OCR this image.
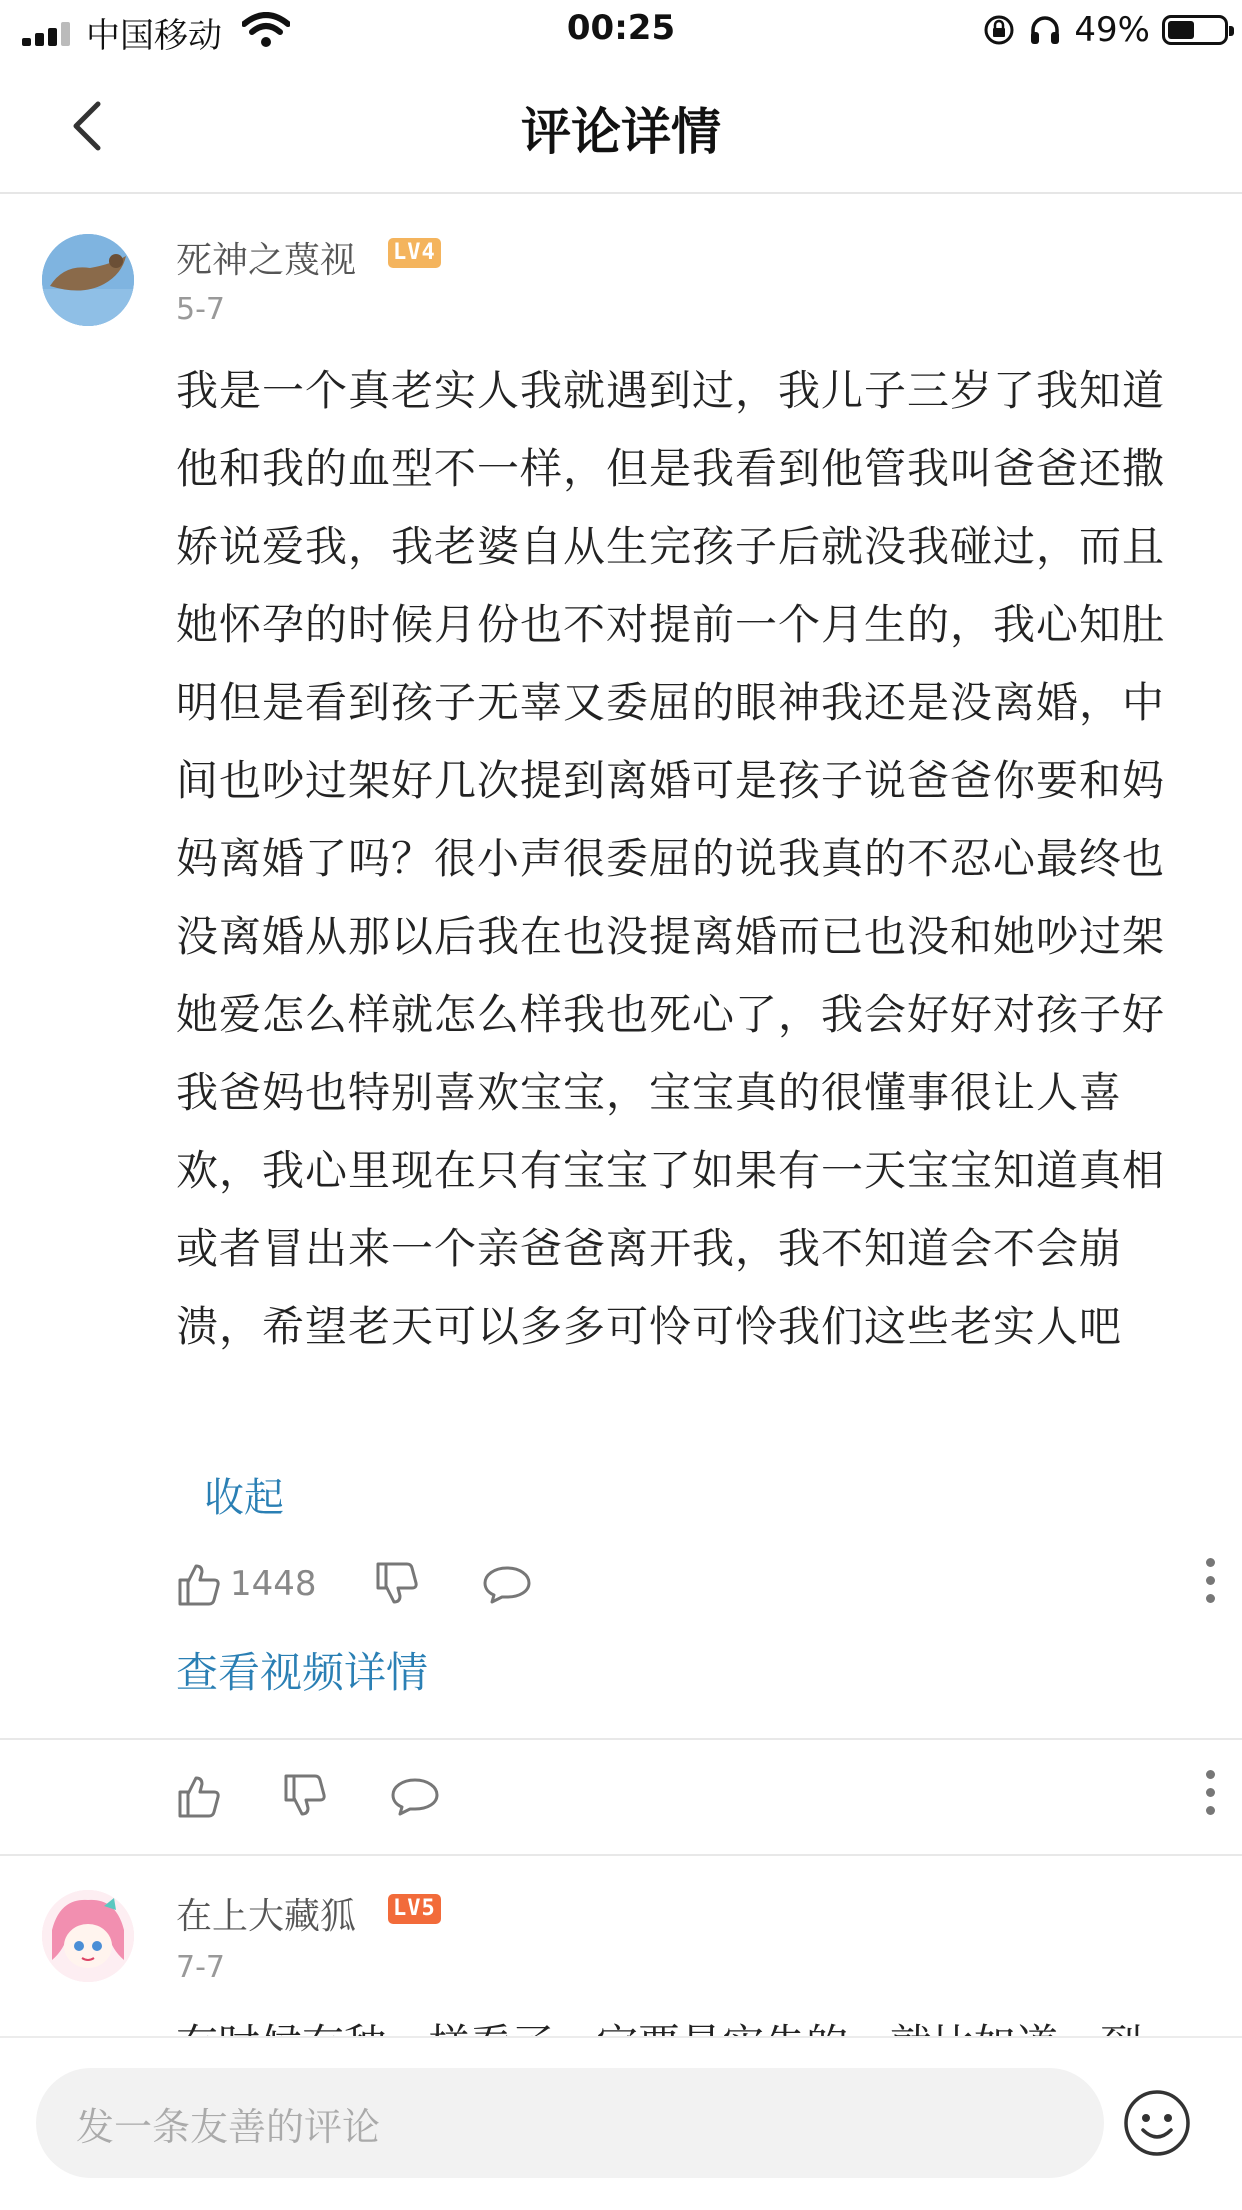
中国移动	00:25	49%
评论详情
死神之蔑视 LV4
5-7
我是一个真老实人我就遇到过，我儿子三岁了我知道他和我的血型不一样，但是我看到他管我叫爸爸还撒娇说爱我，我老婆自从生完孩子后就没我碰过，而且她怀孕的时候月份也不对提前一个月生的，我心知肚明但是看到孩子无辜又委屈的眼神我还是没离婚，中间也吵过架好几次提到离婚可是孩子说爸爸你要和妈妈离婚了吗？很小声很委屈的说我真的不忍心最终也没离婚从那以后我在也没提离婚而已也没和她吵过架她爱怎么样就怎么样我也死心了，我会好好对孩子好我爸妈也特别喜欢宝宝，宝宝真的很懂事很让人喜欢，我心里现在只有宝宝了如果有一天宝宝知道真相或者冒出来一个亲爸爸离开我，我不知道会不会崩溃，希望老天可以多多可怜可怜我们这些老实人吧
收起
1448
查看视频详情
在上大藏狐 LV5
7-7
发一条友善的评论
